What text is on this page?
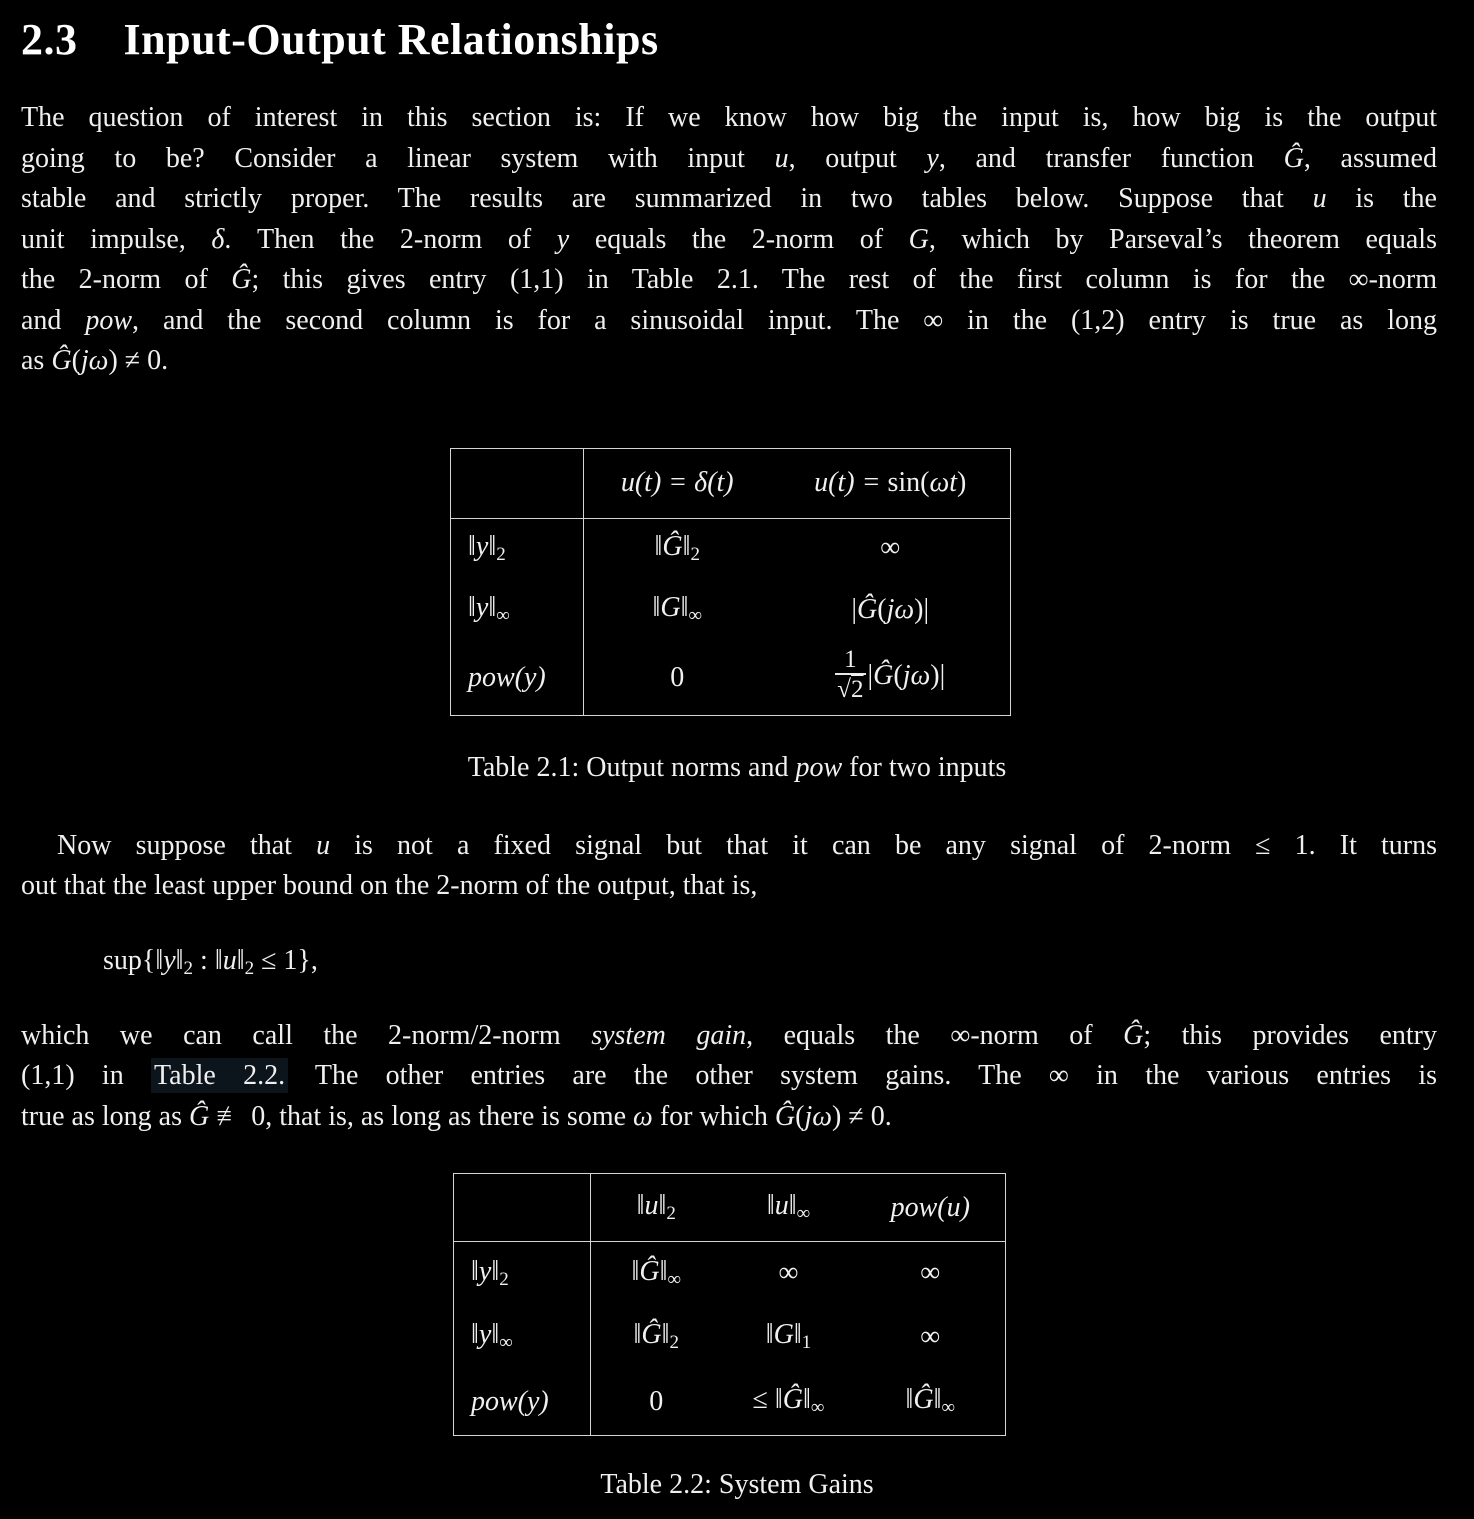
2.3 Input-Output Relationships
The question of interest in this section is: If we know how big the input is, how big is the output
going to be? Consider a linear system with input u, output y, and transfer function Ĝ, assumed
stable and strictly proper. The results are summarized in two tables below. Suppose that u is the
unit impulse, δ. Then the 2-norm of y equals the 2-norm of G, which by Parseval’s theorem equals
the 2-norm of Ĝ; this gives entry (1,1) in Table 2.1. The rest of the first column is for the ∞-norm
and pow, and the second column is for a sinusoidal input. The ∞ in the (1,2) entry is true as long
as Ĝ(jω) ≠ 0.
	u(t) = δ(t)	u(t) = sin(ωt)
‖y‖2	‖Ĝ‖2	∞
‖y‖∞	‖G‖∞	|Ĝ(jω)|
pow(y)	0	$\frac{1}{√2}$ |Ĝ(jω)|
Table 2.1: Output norms and pow for two inputs
Now suppose that u is not a fixed signal but that it can be any signal of 2-norm ≤ 1. It turns
out that the least upper bound on the 2-norm of the output, that is,
sup{‖y‖2 : ‖u‖2 ≤ 1},
which we can call the 2-norm/2-norm system gain, equals the ∞-norm of Ĝ; this provides entry
(1,1) in Table 2.2. The other entries are the other system gains. The ∞ in the various entries is
true as long as Ĝ ≢ 0, that is, as long as there is some ω for which Ĝ(jω) ≠ 0.
	‖u‖2	‖u‖∞	pow(u)
‖y‖2	‖Ĝ‖∞	∞	∞
‖y‖∞	‖Ĝ‖2	‖G‖1	∞
pow(y)	0	≤ ‖Ĝ‖∞	‖Ĝ‖∞
Table 2.2: System Gains
